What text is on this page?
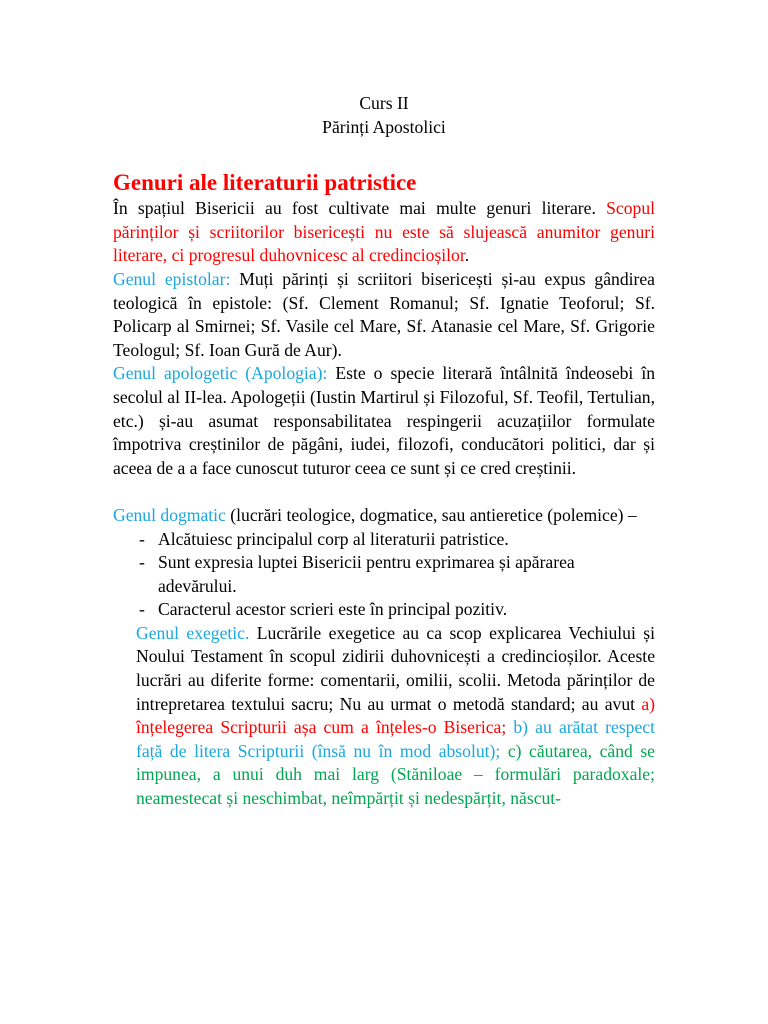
Curs II
Părinți Apostolici
Genuri ale literaturii patristice

În spațiul Bisericii au fost cultivate mai multe genuri literare. Scopul părinților și scriitorilor bisericești nu este să slujească anumitor genuri literare, ci progresul duhovnicesc al credincioșilor.

Genul epistolar: Muți părinți și scriitori bisericești și-au expus gândirea teologică în epistole: (Sf. Clement Romanul; Sf. Ignatie Teoforul; Sf. Policarp al Smirnei; Sf. Vasile cel Mare, Sf. Atanasie cel Mare, Sf. Grigorie Teologul; Sf. Ioan Gură de Aur).

Genul apologetic (Apologia): Este o specie literară întâlnită îndeosebi în secolul al II-lea. Apologeții (Iustin Martirul și Filozoful, Sf. Teofil, Tertulian, etc.) și-au asumat responsabilitatea respingerii acuzațiilor formulate împotriva creștinilor de păgâni, iudei, filozofi, conducători politici, dar și aceea de a a face cunoscut tuturor ceea ce sunt și ce cred creștinii.

Genul dogmatic (lucrări teologice, dogmatice, sau antieretice (polemice) –

- Alcătuiesc principalul corp al literaturii patristice.
- Sunt expresia luptei Bisericii pentru exprimarea și apărarea adevărului.
- Caracterul acestor scrieri este în principal pozitiv.

Genul exegetic. Lucrările exegetice au ca scop explicarea Vechiului și Noului Testament în scopul zidirii duhovnicești a credincioșilor. Aceste lucrări au diferite forme: comentarii, omilii, scolii. Metoda părinților de intrepretarea textului sacru; Nu au urmat o metodă standard; au avut a) înțelegerea Scripturii așa cum a înțeles-o Biserica; b) au arătat respect față de litera Scripturii (însă nu în mod absolut); c) căutarea, când se impunea, a unui duh mai larg (Stăniloae – formulări paradoxale; neamestecat și neschimbat, neîmpărțit și nedespărțit, născut-
